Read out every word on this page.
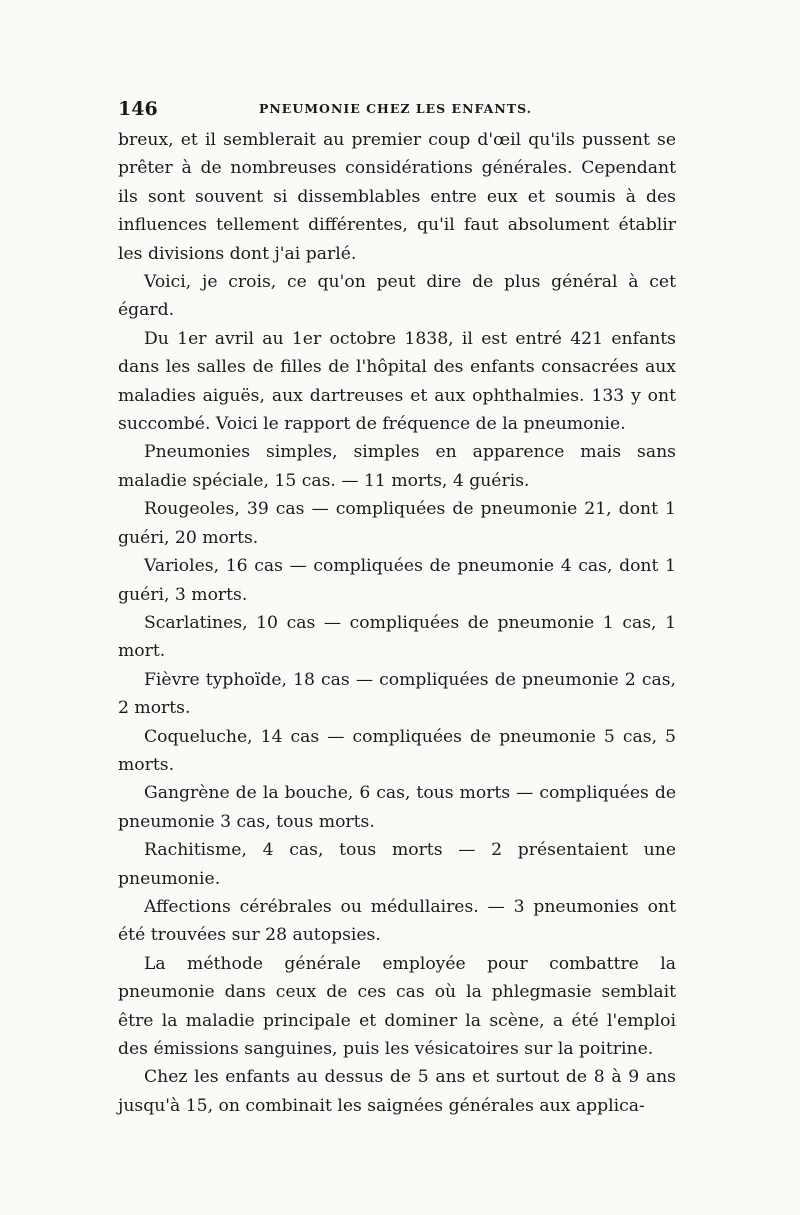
146	PNEUMONIE CHEZ LES ENFANTS.

breux, et il semblerait au premier coup d'œil qu'ils pussent se prêter à de nombreuses considérations générales. Cependant ils sont souvent si dissemblables entre eux et soumis à des influences tellement différentes, qu'il faut absolument établir les divisions dont j'ai parlé.

Voici, je crois, ce qu'on peut dire de plus général à cet égard.

Du 1er avril au 1er octobre 1838, il est entré 421 enfants dans les salles de filles de l'hôpital des enfants consacrées aux maladies aiguës, aux dartreuses et aux ophthalmies. 133 y ont succombé. Voici le rapport de fréquence de la pneumonie.

Pneumonies simples, simples en apparence mais sans maladie spéciale, 15 cas. — 11 morts, 4 guéris.

Rougeoles, 39 cas — compliquées de pneumonie 21, dont 1 guéri, 20 morts.

Varioles, 16 cas — compliquées de pneumonie 4 cas, dont 1 guéri, 3 morts.

Scarlatines, 10 cas — compliquées de pneumonie 1 cas, 1 mort.

Fièvre typhoïde, 18 cas — compliquées de pneumonie 2 cas, 2 morts.

Coqueluche, 14 cas — compliquées de pneumonie 5 cas, 5 morts.

Gangrène de la bouche, 6 cas, tous morts — compliquées de pneumonie 3 cas, tous morts.

Rachitisme, 4 cas, tous morts — 2 présentaient une pneumonie.

Affections cérébrales ou médullaires. — 3 pneumonies ont été trouvées sur 28 autopsies.

La méthode générale employée pour combattre la pneumonie dans ceux de ces cas où la phlegmasie semblait être la maladie principale et dominer la scène, a été l'emploi des émissions sanguines, puis les vésicatoires sur la poitrine.

Chez les enfants au dessus de 5 ans et surtout de 8 à 9 ans jusqu'à 15, on combinait les saignées générales aux applica-
